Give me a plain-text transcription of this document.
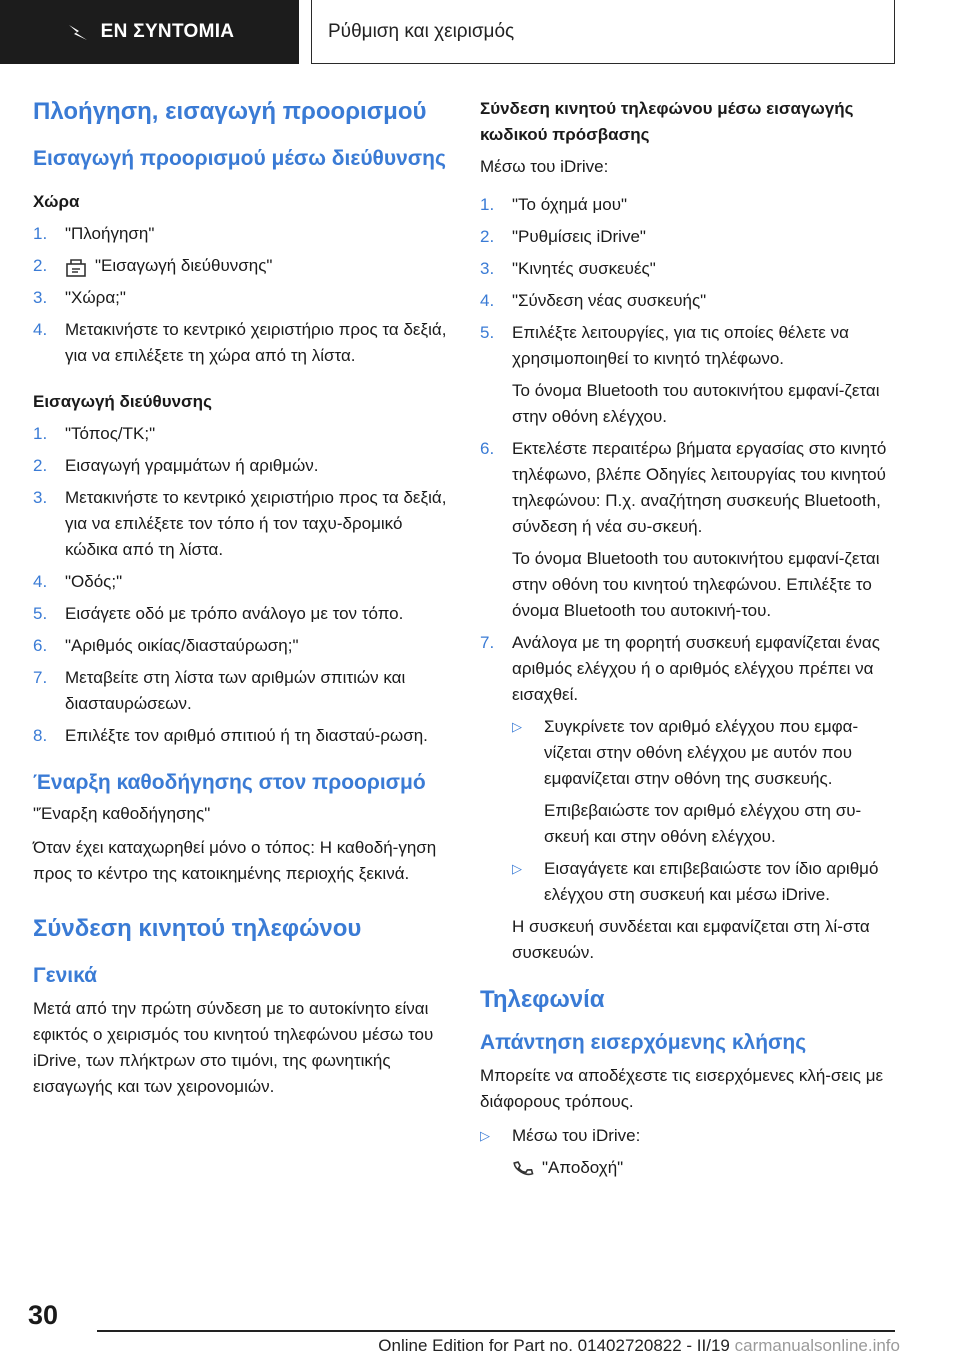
ΕΝ ΣΥΝΤΟΜΙΑ	Ρύθμιση και χειρισμός
Πλοήγηση, εισαγωγή προορισμού
Εισαγωγή προορισμού μέσω διεύθυνσης
Χώρα
1.	"Πλοήγηση"
2.	"Εισαγωγή διεύθυνσης"
3.	"Χώρα;"
4.	Μετακινήστε το κεντρικό χειριστήριο προς τα δεξιά, για να επιλέξετε τη χώρα από τη λίστα.
Εισαγωγή διεύθυνσης
1.	"Τόπος/ΤΚ;"
2.	Εισαγωγή γραμμάτων ή αριθμών.
3.	Μετακινήστε το κεντρικό χειριστήριο προς τα δεξιά, για να επιλέξετε τον τόπο ή τον ταχυ-δρομικό κώδικα από τη λίστα.
4.	"Οδός;"
5.	Εισάγετε οδό με τρόπο ανάλογο με τον τόπο.
6.	"Αριθμός οικίας/διασταύρωση;"
7.	Μεταβείτε στη λίστα των αριθμών σπιτιών και διασταυρώσεων.
8.	Επιλέξτε τον αριθμό σπιτιού ή τη διασταύ-ρωση.
Έναρξη καθοδήγησης στον προορισμό

"Έναρξη καθοδήγησης"

Όταν έχει καταχωρηθεί μόνο ο τόπος: Η καθοδή-γηση προς το κέντρο της κατοικημένης περιοχής ξεκινά.

Σύνδεση κινητού τηλεφώνου
Γενικά

Μετά από την πρώτη σύνδεση με το αυτοκίνητο είναι εφικτός ο χειρισμός του κινητού τηλεφώνου μέσω του iDrive, των πλήκτρων στο τιμόνι, της φωνητικής εισαγωγής και των χειρονομιών.

Σύνδεση κινητού τηλεφώνου μέσω εισαγωγής κωδικού πρόσβασης

Μέσω του iDrive:

1.	"Το όχημά μου"
2.	"Ρυθμίσεις iDrive"
3.	"Κινητές συσκευές"
4.	"Σύνδεση νέας συσκευής"
5.	Επιλέξτε λειτουργίες, για τις οποίες θέλετε να χρησιμοποιηθεί το κινητό τηλέφωνο.
Το όνομα Bluetooth του αυτοκινήτου εμφανί-ζεται στην οθόνη ελέγχου.
6.	Εκτελέστε περαιτέρω βήματα εργασίας στο κινητό τηλέφωνο, βλέπε Οδηγίες λειτουργίας του κινητού τηλεφώνου: Π.χ. αναζήτηση συσκευής Bluetooth, σύνδεση ή νέα συ-σκευή.
Το όνομα Bluetooth του αυτοκινήτου εμφανί-ζεται στην οθόνη του κινητού τηλεφώνου. Επιλέξτε το όνομα Bluetooth του αυτοκινή-του.
7.	Ανάλογα με τη φορητή συσκευή εμφανίζεται ένας αριθμός ελέγχου ή ο αριθμός ελέγχου πρέπει να εισαχθεί.
▷
Συγκρίνετε τον αριθμό ελέγχου που εμφα-νίζεται στην οθόνη ελέγχου με αυτόν που εμφανίζεται στην οθόνη της συσκευής.
Επιβεβαιώστε τον αριθμό ελέγχου στη συ-σκευή και στην οθόνη ελέγχου.
▷
Εισαγάγετε και επιβεβαιώστε τον ίδιο αριθμό ελέγχου στη συσκευή και μέσω iDrive.
Η συσκευή συνδέεται και εμφανίζεται στη λί-στα συσκευών.
Τηλεφωνία
Απάντηση εισερχόμενης κλήσης

Μπορείτε να αποδέχεστε τις εισερχόμενες κλή-σεις με διάφορους τρόπους.

▷
Μέσω του iDrive:
"Αποδοχή"
30
Online Edition for Part no. 01402720822 - II/19 carmanualsonline.info
